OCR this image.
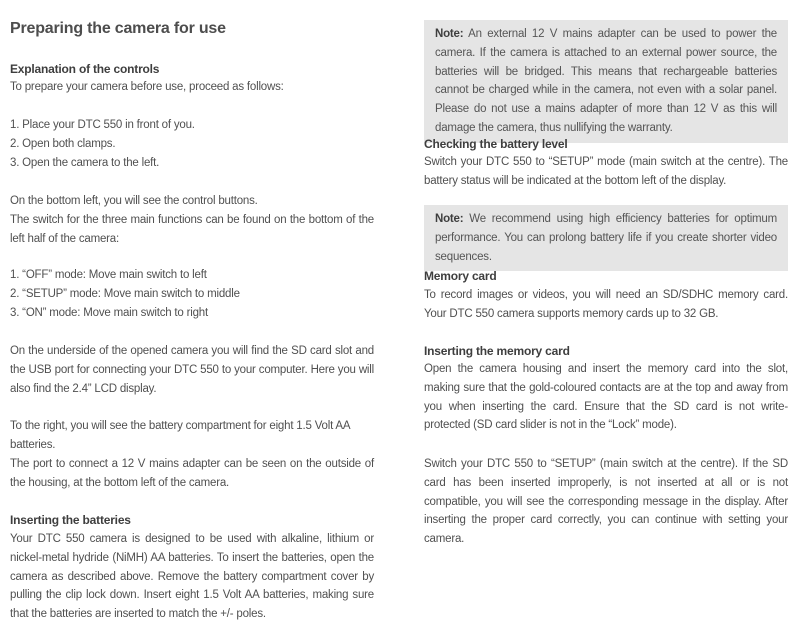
Preparing the camera for use
Explanation of the controls

To prepare your camera before use, proceed as follows:

1. Place your DTC 550 in front of you.
2. Open both clamps.
3. Open the camera to the left.

On the bottom left, you will see the control buttons.
The switch for the three main functions can be found on the bottom of the left half of the camera:

1. “OFF” mode: Move main switch to left
2. “SETUP” mode: Move main switch to middle
3. “ON” mode: Move main switch to right

On the underside of the opened camera you will find the SD card slot and the USB port for connecting your DTC 550 to your computer. Here you will also find the 2.4” LCD display.

To the right, you will see the battery compartment for eight 1.5 Volt AA batteries.

The port to connect a 12 V mains adapter can be seen on the outside of the housing, at the bottom left of the camera.

Inserting the batteries

Your DTC 550 camera is designed to be used with alkaline, lithium or nickel-metal hydride (NiMH) AA batteries. To insert the batteries, open the camera as described above. Remove the battery compartment cover by pulling the clip lock down. Insert eight 1.5 Volt AA batteries, making sure that the batteries are inserted to match the +/- poles.

Note: An external 12 V mains adapter can be used to power the camera. If the camera is attached to an external power source, the batteries will be bridged. This means that rechargeable batteries cannot be charged while in the camera, not even with a solar panel. Please do not use a mains adapter of more than 12 V as this will damage the camera, thus nullifying the warranty.
Checking the battery level

Switch your DTC 550 to “SETUP” mode (main switch at the centre). The battery status will be indicated at the bottom left of the display.

Note: We recommend using high efficiency batteries for optimum performance. You can prolong battery life if you create shorter video sequences.
Memory card

To record images or videos, you will need an SD/SDHC memory card. Your DTC 550 camera supports memory cards up to 32 GB.

Inserting the memory card

Open the camera housing and insert the memory card into the slot, making sure that the gold-coloured contacts are at the top and away from you when inserting the card. Ensure that the SD card is not write-protected (SD card slider is not in the “Lock” mode).

Switch your DTC 550 to “SETUP” (main switch at the centre). If the SD card has been inserted improperly, is not inserted at all or is not compatible, you will see the corresponding message in the display. After inserting the proper card correctly, you can continue with setting your camera.
